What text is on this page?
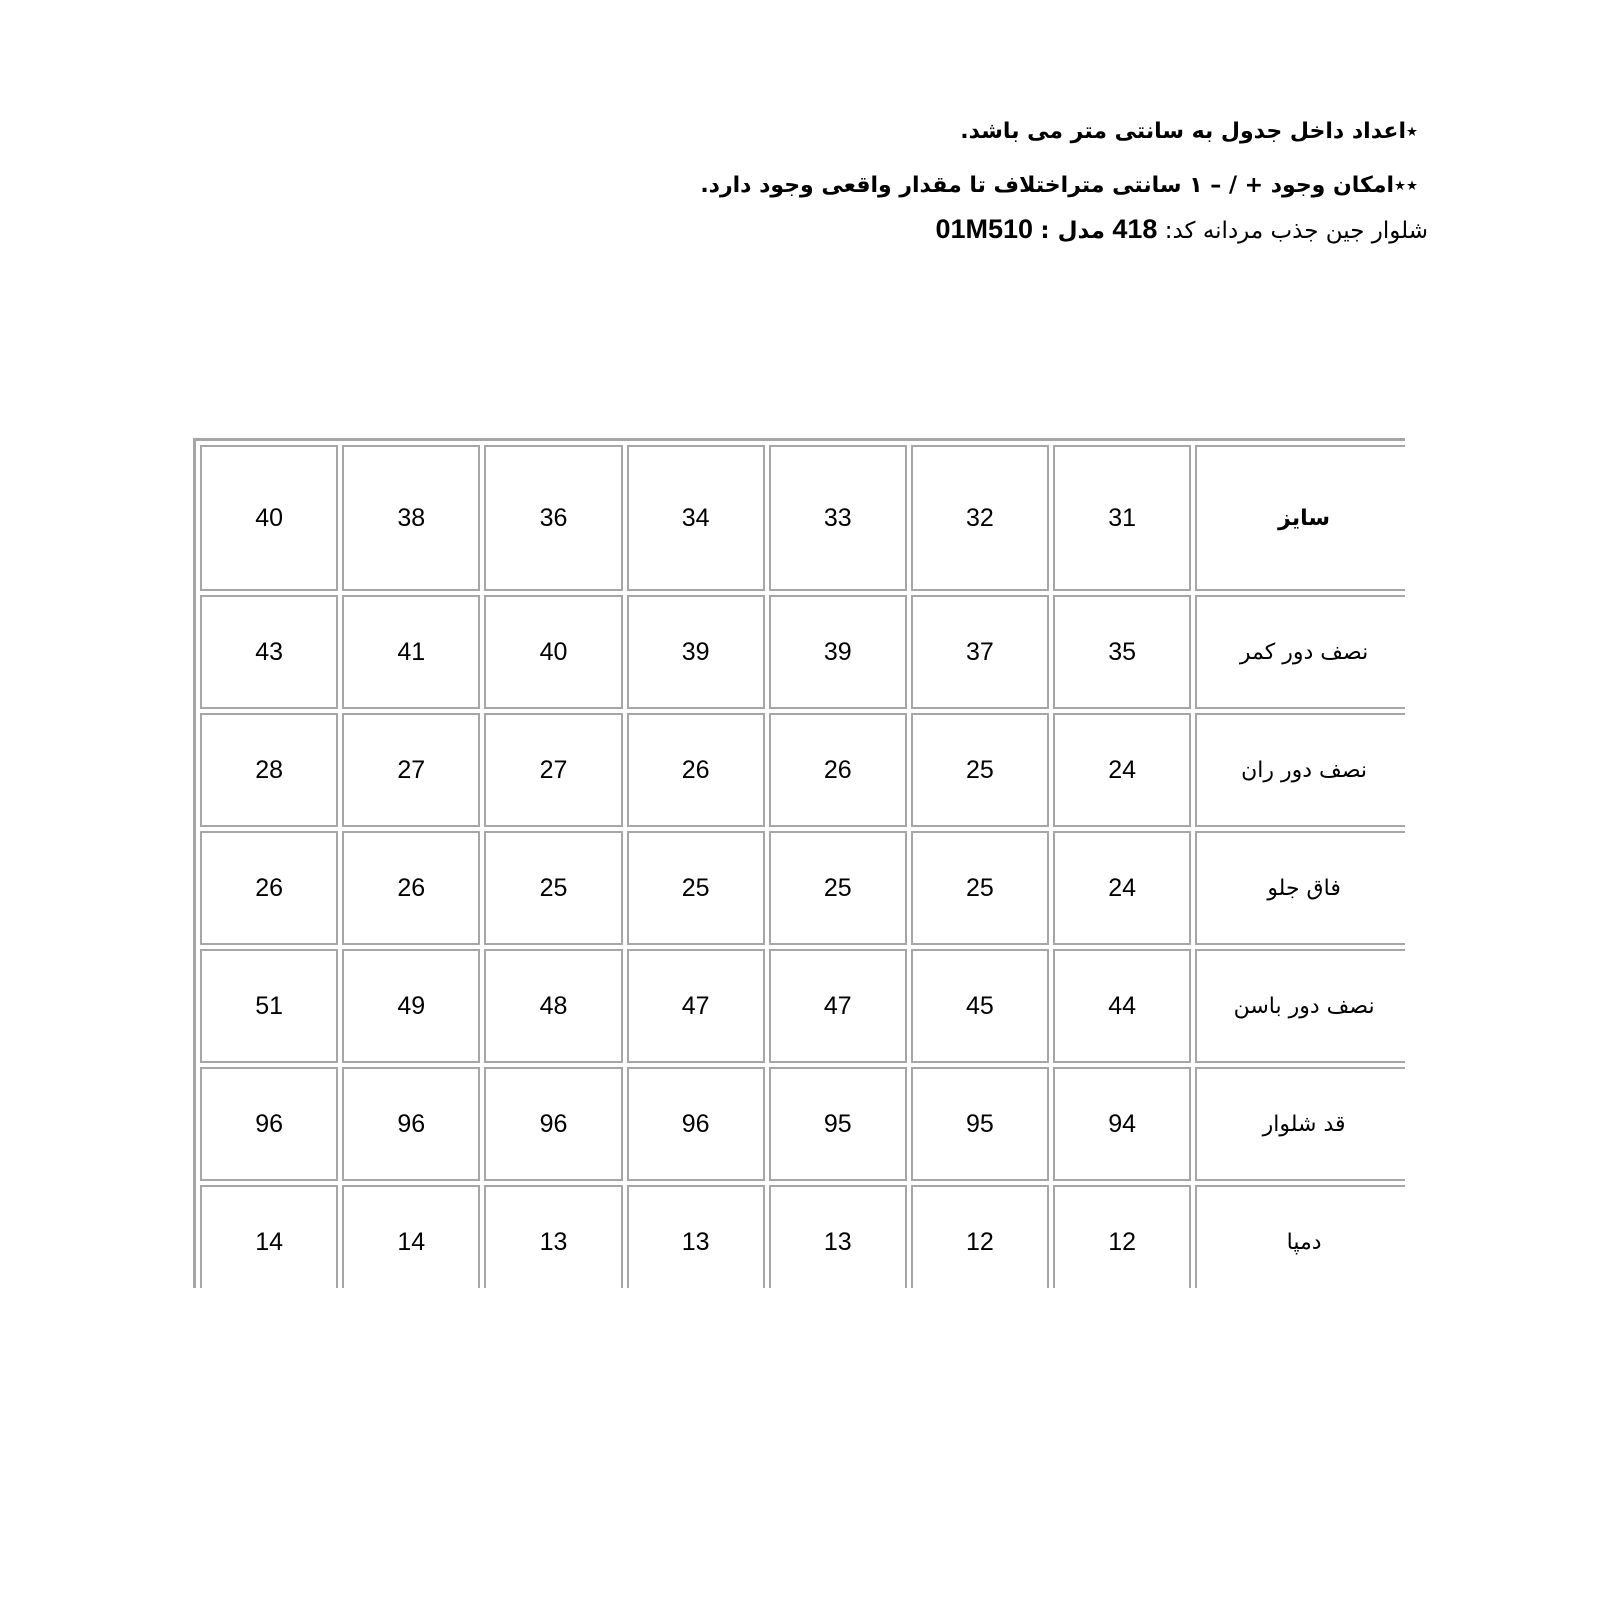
٭اعداد داخل جدول به سانتی متر می باشد.
٭٭امکان وجود + / – ۱ سانتی متراختلاف تا مقدار واقعی وجود دارد.
شلوار جین جذب مردانه کد: 418 مدل : 01M510
سایز	31	32	33	34	36	38	40
نصف دور کمر	35	37	39	39	40	41	43
نصف دور ران	24	25	26	26	27	27	28
فاق جلو	24	25	25	25	25	26	26
نصف دور باسن	44	45	47	47	48	49	51
قد شلوار	94	95	95	96	96	96	96
دمپا	12	12	13	13	13	14	14
